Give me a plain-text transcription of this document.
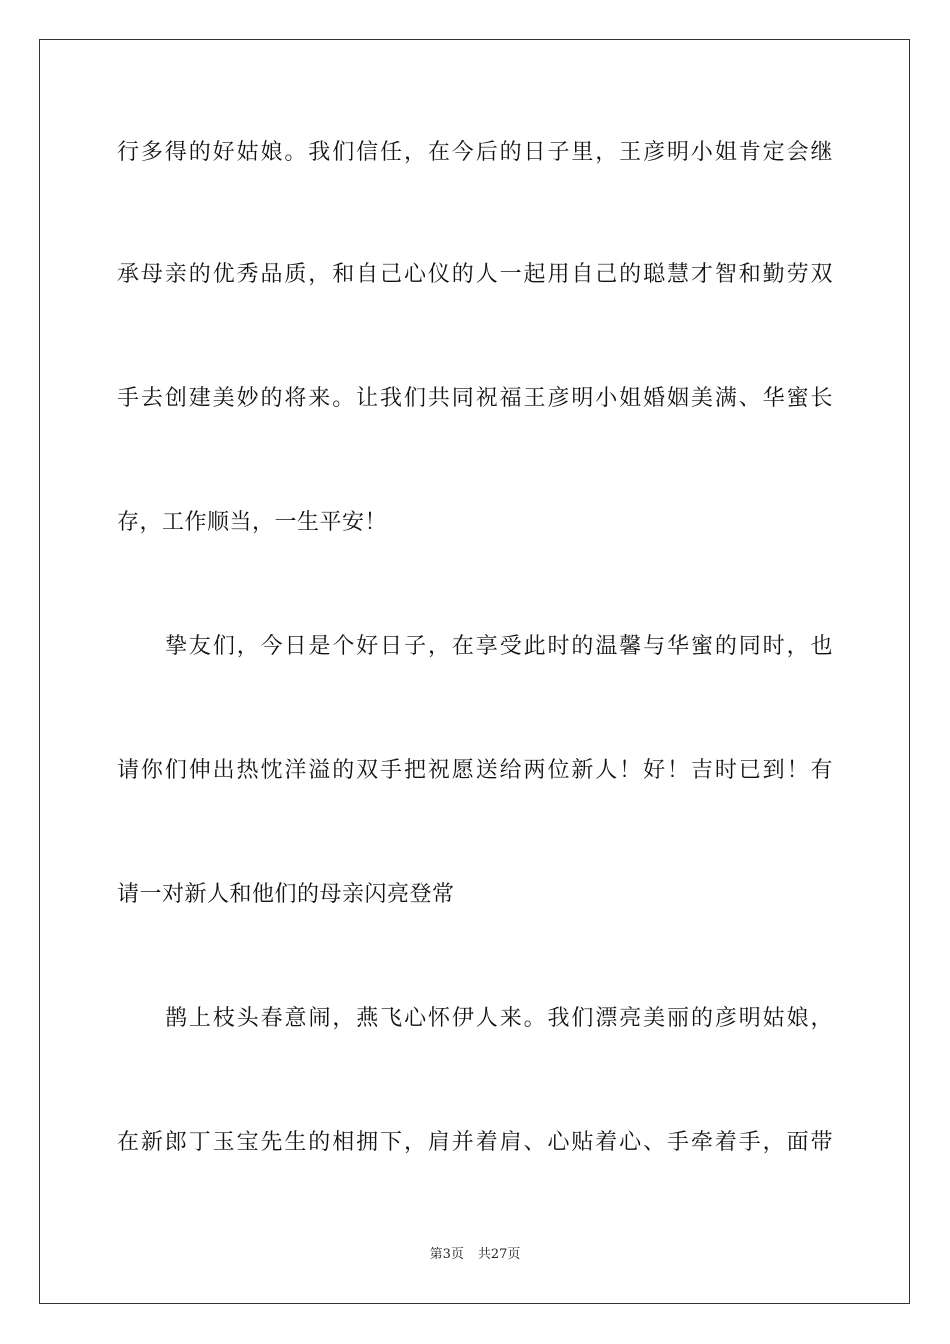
行多得的好姑娘。我们信任，在今后的日子里，王彦明小姐肯定会继
承母亲的优秀品质，和自己心仪的人一起用自己的聪慧才智和勤劳双
手去创建美妙的将来。让我们共同祝福王彦明小姐婚姻美满、华蜜长
存，工作顺当，一生平安！
挚友们，今日是个好日子，在享受此时的温馨与华蜜的同时，也
请你们伸出热忱洋溢的双手把祝愿送给两位新人！好！吉时已到！有
请一对新人和他们的母亲闪亮登常
鹊上枝头春意闹，燕飞心怀伊人来。我们漂亮美丽的彦明姑娘，
在新郎丁玉宝先生的相拥下，肩并着肩、心贴着心、手牵着手，面带
第3页 共27页
